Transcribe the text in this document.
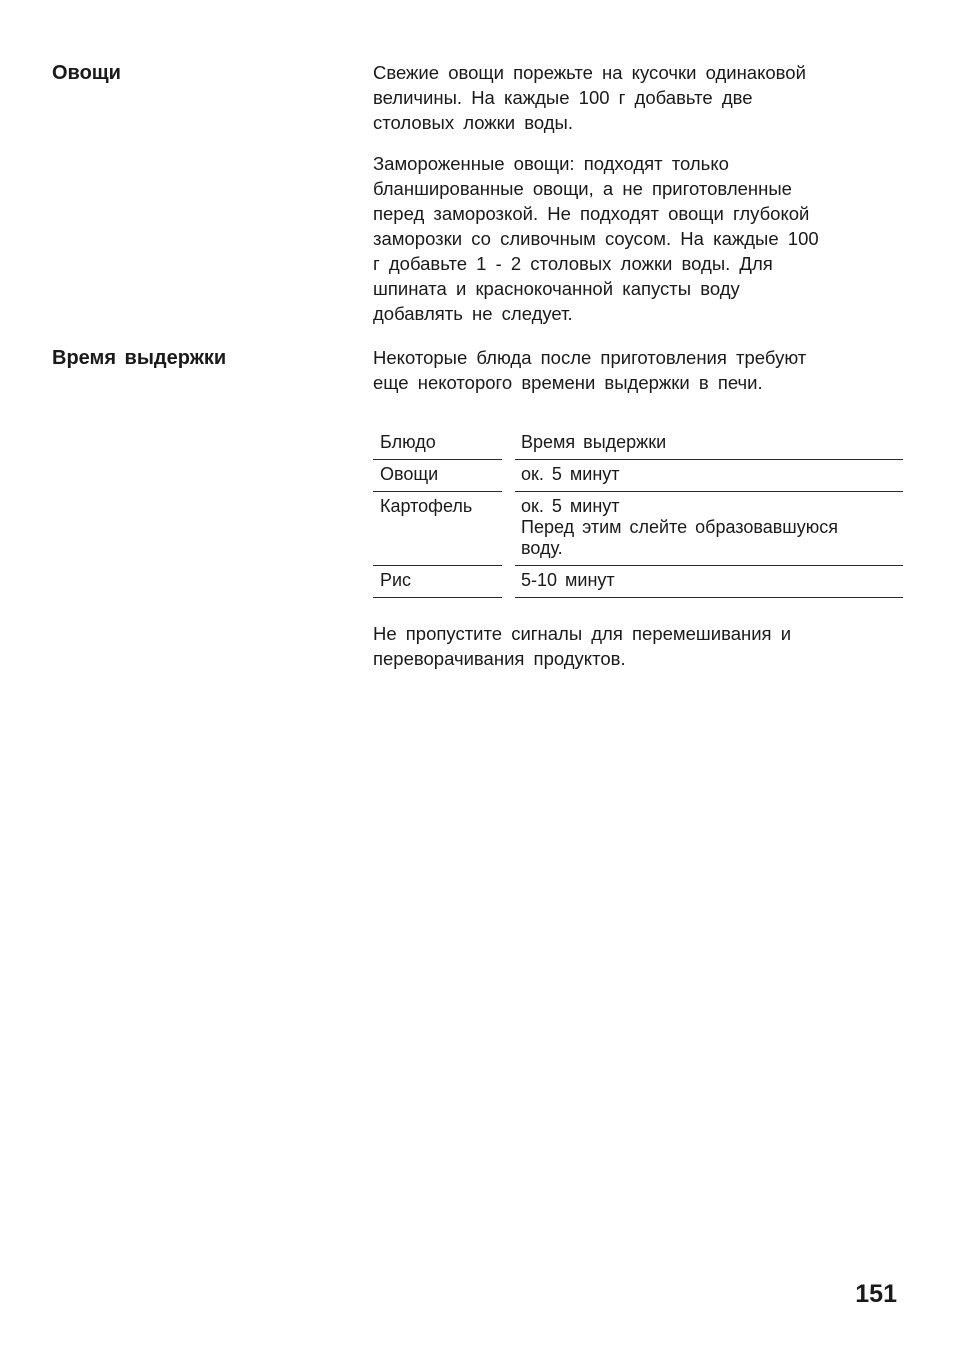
Овощи	Свежие овощи порежьте на кусочки одинаковой
величины. На каждые 100 г добавьте две
столовых ложки воды.

Замороженные овощи: подходят только
бланшированные овощи, а не приготовленные
перед заморозкой. Не подходят овощи глубокой
заморозки со сливочным соусом. На каждые 100
г добавьте 1 - 2 столовых ложки воды. Для
шпината и краснокочанной капусты воду
добавлять не следует.

Время выдержки	Некоторые блюда после приготовления требуют
еще некоторого времени выдержки в печи.

Блюдо	Время выдержки
Овощи	ок. 5 минут
Картофель	ок. 5 минут
Перед этим слейте образовавшуюся
воду.
Рис	5-10 минут

Не пропустите сигналы для перемешивания и
переворачивания продуктов.

151
